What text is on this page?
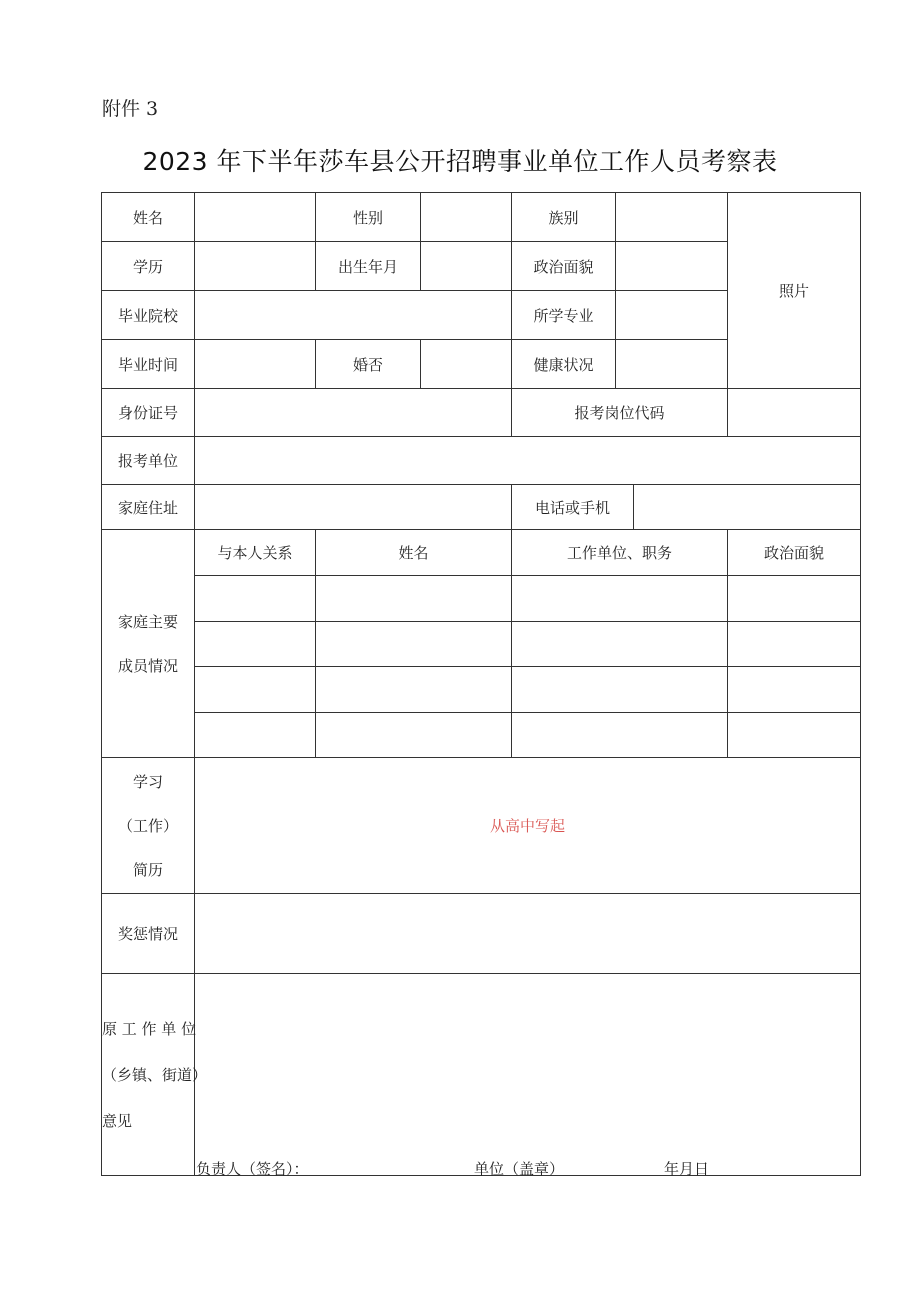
附件 3
2023 年下半年莎车县公开招聘事业单位工作人员考察表
姓名		性别		族别			照片
学历		出生年月		政治面貌			
毕业院校				所学专业			
毕业时间		婚否		健康状况			
身份证号				报考岗位代码			
报考单位							
家庭住址				电话或手机			

家庭主要
成员情况	与本人关系	姓名		工作单位、职务			政治面貌

学习
（工作）
简历	从高中写起						
奖惩情况							

原 工 作 单 位
（乡镇、街道）
意见							

负责人（签名）：	单位（盖章）	年月日
